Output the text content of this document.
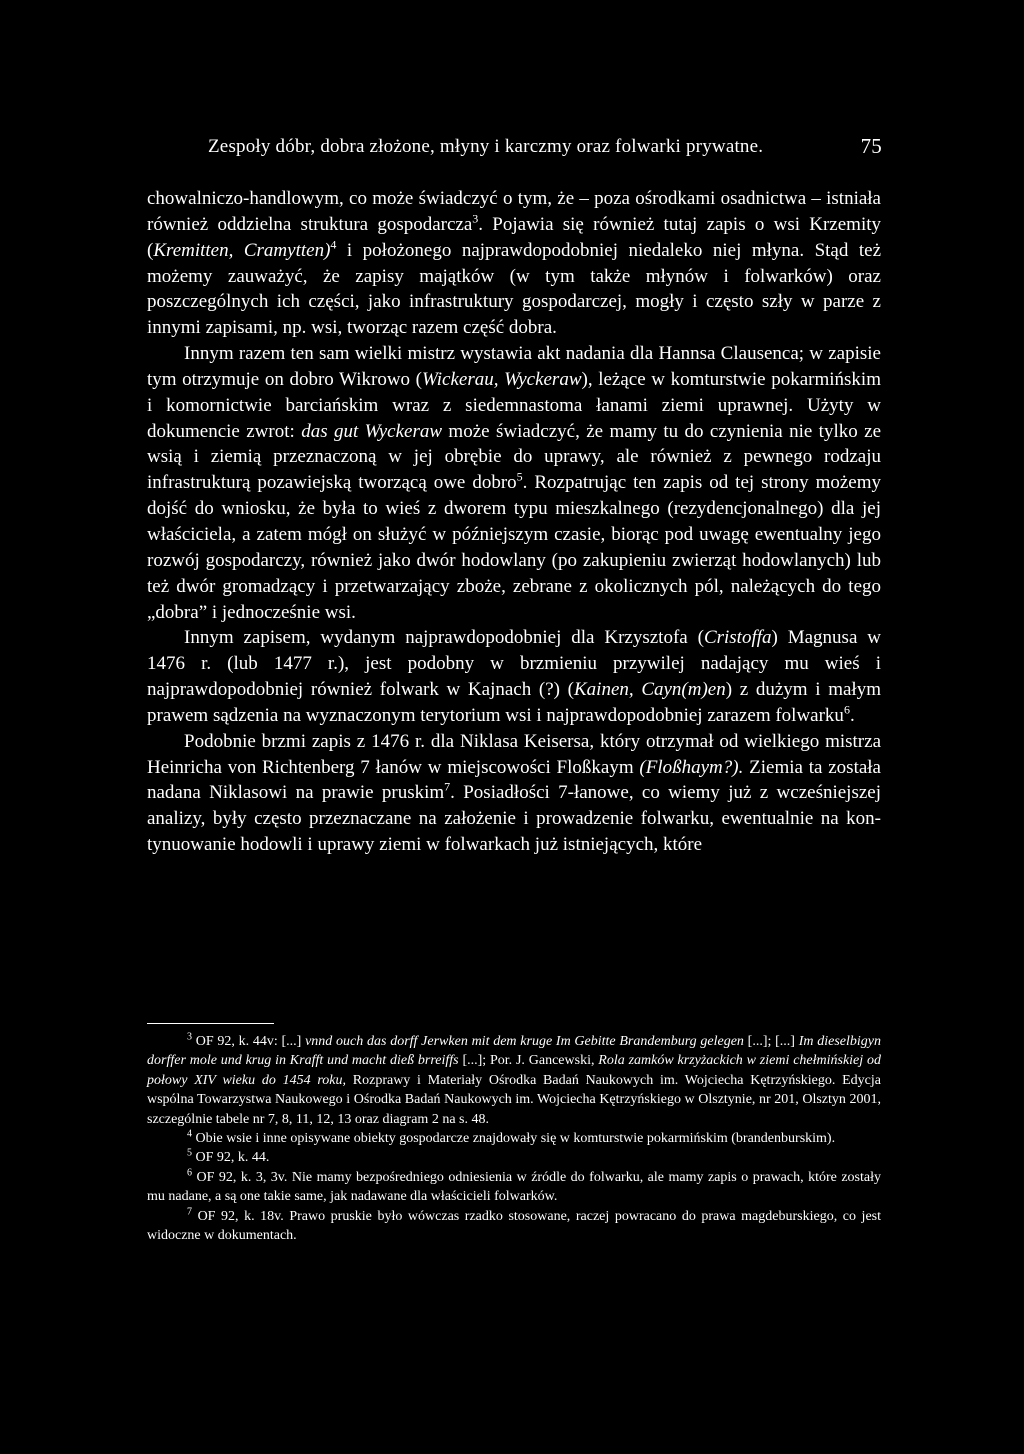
Zespoły dóbr, dobra złożone, młyny i karczmy oraz folwarki prywatne.	75

chowalniczo-handlowym, co może świadczyć o tym, że – poza ośrodkami osadnictwa – istniała również oddzielna struktura gospodarcza$^3$. Pojawia się również tutaj zapis o wsi Krzemity (Kremitten, Cramytten)$^4$ i położonego najprawdopodobniej niedaleko niej młyna. Stąd też możemy zauważyć, że zapisy majątków (w tym także młynów i folwarków) oraz poszczególnych ich części, jako infrastruktury gospodarczej, mogły i często szły w parze z innymi zapisami, np. wsi, tworząc razem część dobra.

Innym razem ten sam wielki mistrz wystawia akt nadania dla Hannsa Clausenca; w zapisie tym otrzymuje on dobro Wikrowo (Wickerau, Wyckeraw), leżące w komturstwie pokarmińskim i komornictwie barciańskim wraz z siedemnastoma łanami ziemi uprawnej. Użyty w dokumencie zwrot: das gut Wyckeraw może świadczyć, że mamy tu do czynienia nie tylko ze wsią i ziemią przeznaczoną w jej obrębie do uprawy, ale również z pewnego rodzaju infrastrukturą pozawiejską tworzącą owe dobro$^5$. Rozpatrując ten zapis od tej strony możemy dojść do wniosku, że była to wieś z dworem typu mieszkalnego (rezydencjonalnego) dla jej właściciela, a zatem mógł on służyć w późniejszym czasie, biorąc pod uwagę ewentualny jego rozwój gospodarczy, również jako dwór hodowlany (po zakupieniu zwierząt hodowlanych) lub też dwór gromadzący i przetwarzający zboże, zebrane z okolicznych pól, należących do tego „dobra” i jednocześnie wsi.

Innym zapisem, wydanym najprawdopodobniej dla Krzysztofa (Cristoffa) Magnusa w 1476 r. (lub 1477 r.), jest podobny w brzmieniu przywilej nadający mu wieś i najprawdopodobniej również folwark w Kajnach (?) (Kainen, Cayn(m)en) z dużym i małym prawem sądzenia na wyznaczonym terytorium wsi i najprawdopodobniej zarazem folwarku$^6$.

Podobnie brzmi zapis z 1476 r. dla Niklasa Keisersa, który otrzymał od wielkiego mistrza Heinricha von Richtenberg 7 łanów w miejscowości Floßkaym (Floßhaym?). Ziemia ta została nadana Niklasowi na prawie pruskim$^7$. Posiadłości 7-łanowe, co wiemy już z wcześniejszej analizy, były często przeznaczane na założenie i prowadzenie folwarku, ewentualnie na kontynuowanie hodowli i uprawy ziemi w folwarkach już istniejących, które

$^3$ OF 92, k. 44v: [...] vnnd ouch das dorff Jerwken mit dem kruge Im Gebitte Brandemburg gelegen [...]; [...] Im dieselbigyn dorffer mole und krug in Krafft und macht dieß brreiffs [...]; Por. J. Gancewski, Rola zamków krzyżackich w ziemi chełmińskiej od połowy XIV wieku do 1454 roku, Rozprawy i Materiały Ośrodka Badań Naukowych im. Wojciecha Kętrzyńskiego. Edycja wspólna Towarzystwa Naukowego i Ośrodka Badań Naukowych im. Wojciecha Kętrzyńskiego w Olsztynie, nr 201, Olsztyn 2001, szczególnie tabele nr 7, 8, 11, 12, 13 oraz diagram 2 na s. 48.

$^4$ Obie wsie i inne opisywane obiekty gospodarcze znajdowały się w komturstwie pokarmińskim (brandenburskim).

$^5$ OF 92, k. 44.

$^6$ OF 92, k. 3, 3v. Nie mamy bezpośredniego odniesienia w źródle do folwarku, ale mamy zapis o prawach, które zostały mu nadane, a są one takie same, jak nadawane dla właścicieli folwarków.

$^7$ OF 92, k. 18v. Prawo pruskie było wówczas rzadko stosowane, raczej powracano do prawa magdeburskiego, co jest widoczne w dokumentach.
